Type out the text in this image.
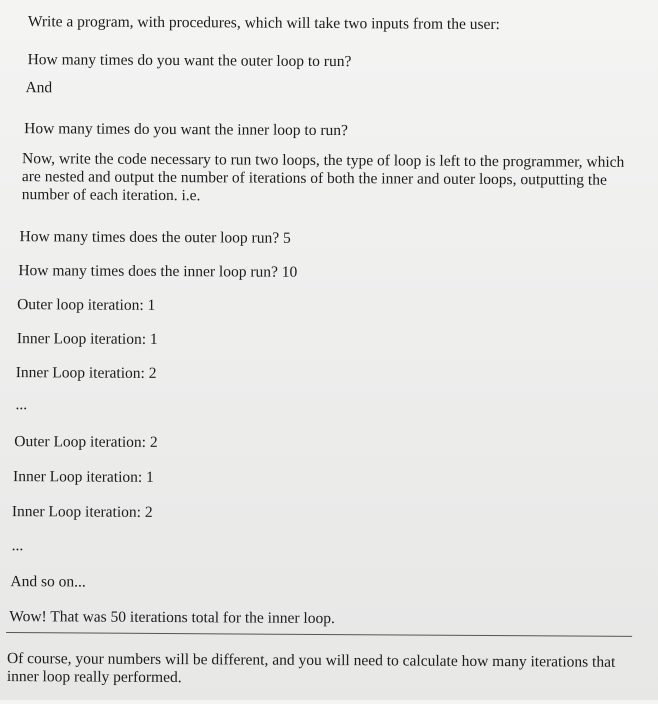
Write a program, with procedures, which will take two inputs from the user:
How many times do you want the outer loop to run?
And
How many times do you want the inner loop to run?
Now, write the code necessary to run two loops, the type of loop is left to the programmer, which are nested and output the number of iterations of both the inner and outer loops, outputting the number of each iteration. i.e.
How many times does the outer loop run? 5
How many times does the inner loop run? 10
Outer loop iteration: 1
Inner Loop iteration: 1
Inner Loop iteration: 2
...
Outer Loop iteration: 2
Inner Loop iteration: 1
Inner Loop iteration: 2
...
And so on...
Wow! That was 50 iterations total for the inner loop.
Of course, your numbers will be different, and you will need to calculate how many iterations that inner loop really performed.
